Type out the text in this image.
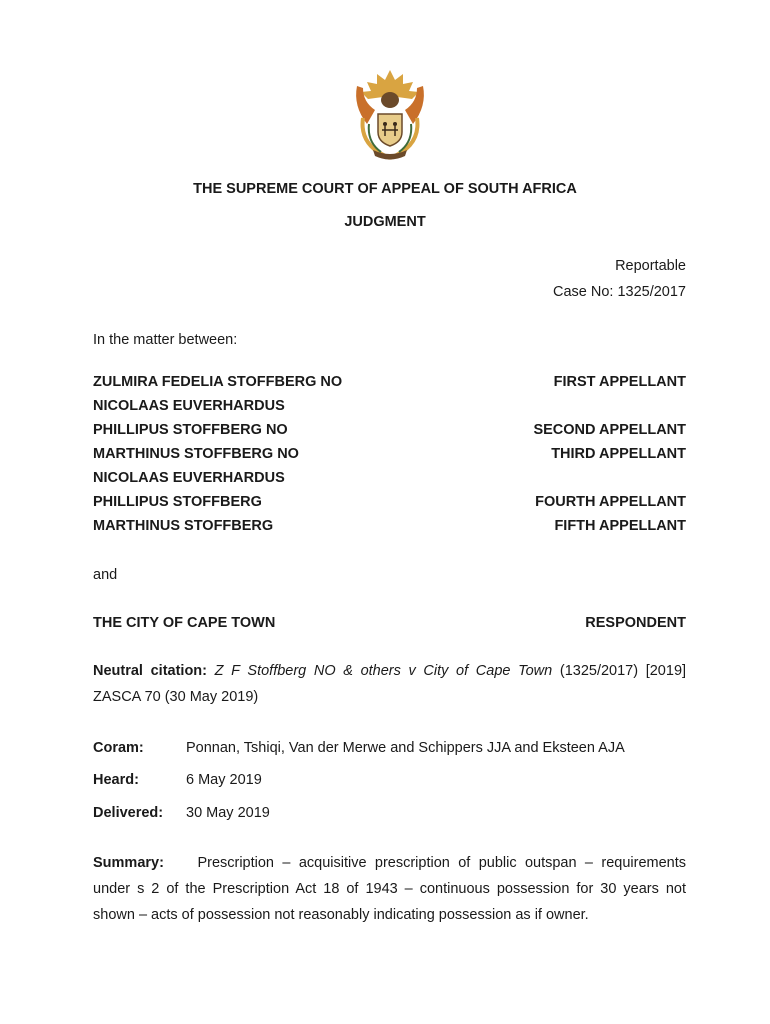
THE SUPREME COURT OF APPEAL OF SOUTH AFRICA
JUDGMENT
Reportable
Case No: 1325/2017
In the matter between:
ZULMIRA FEDELIA STOFFBERG NO	FIRST APPELLANT
NICOLAAS EUVERHARDUS
PHILLIPUS STOFFBERG NO	SECOND APPELLANT
MARTHINUS STOFFBERG NO	THIRD APPELLANT
NICOLAAS EUVERHARDUS
PHILLIPUS STOFFBERG	FOURTH APPELLANT
MARTHINUS STOFFBERG	FIFTH APPELLANT
and
THE CITY OF CAPE TOWN	RESPONDENT
Neutral citation: Z F Stoffberg NO & others v City of Cape Town (1325/2017) [2019]
ZASCA 70 (30 May 2019)
Coram:	Ponnan, Tshiqi, Van der Merwe and Schippers JJA and Eksteen AJA
Heard:	6 May 2019
Delivered: 30 May 2019
Summary: Prescription – acquisitive prescription of public outspan – requirements
under s 2 of the Prescription Act 18 of 1943 – continuous possession for 30 years not
shown – acts of possession not reasonably indicating possession as if owner.
